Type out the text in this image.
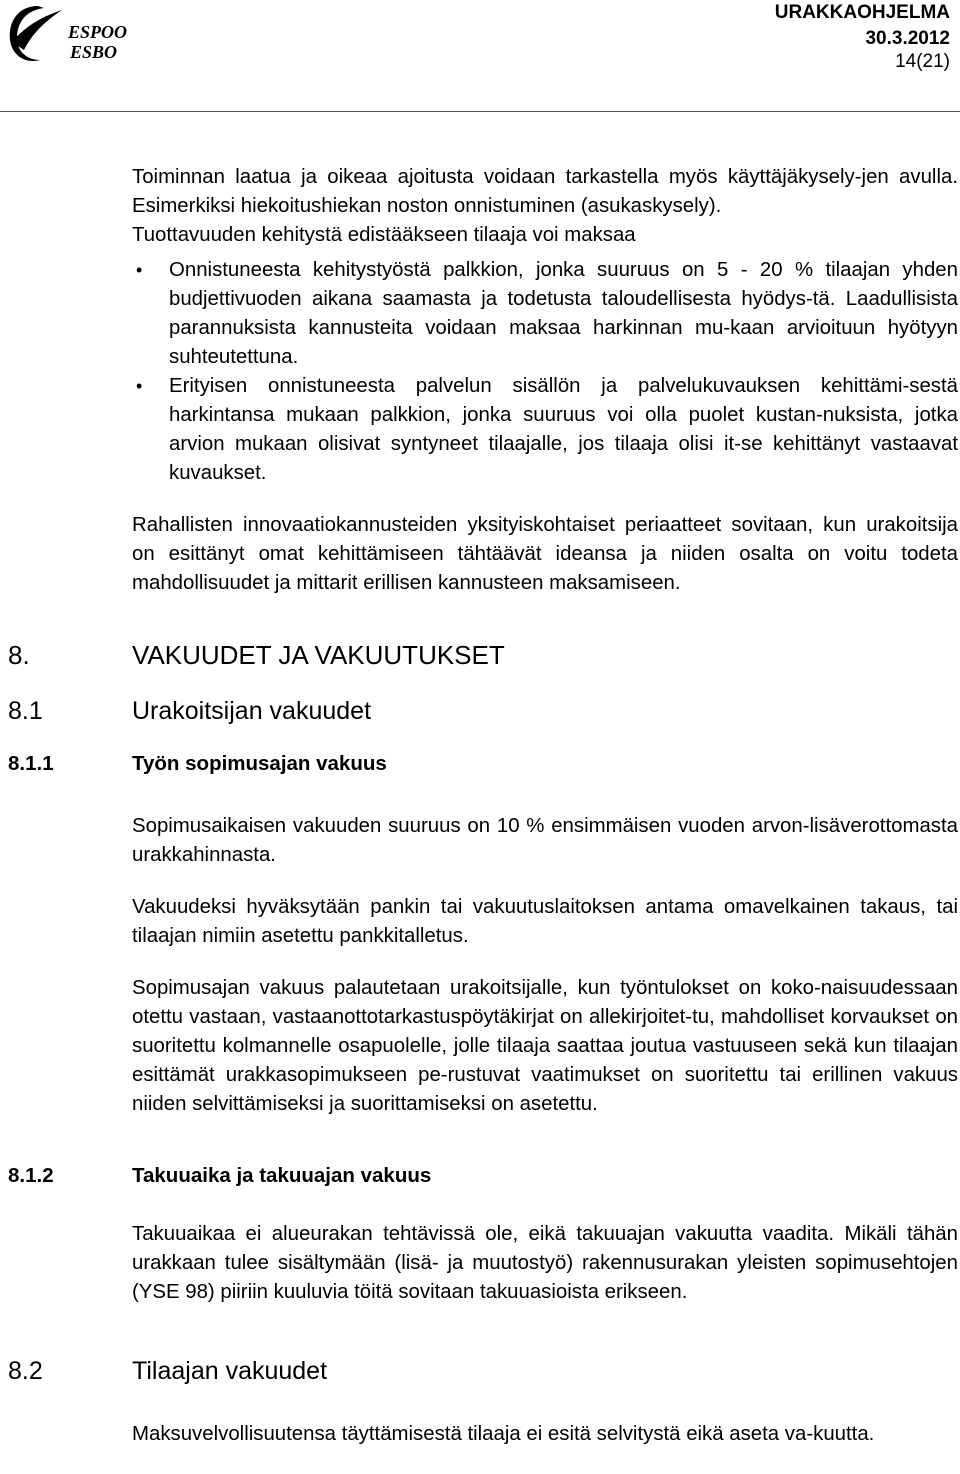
ESPOO
ESBO
URAKKAOHJELMA
30.3.2012
14(21)

Toiminnan laatua ja oikeaa ajoitusta voidaan tarkastella myös käyttäjäkysely-jen avulla. Esimerkiksi hiekoitushiekan noston onnistuminen (asukaskysely).

Tuottavuuden kehitystä edistääkseen tilaaja voi maksaa

• Onnistuneesta kehitystyöstä palkkion, jonka suuruus on 5 - 20 % tilaajan yhden budjettivuoden aikana saamasta ja todetusta taloudellisesta hyödys-tä. Laadullisista parannuksista kannusteita voidaan maksaa harkinnan mu-kaan arvioituun hyötyyn suhteutettuna.
• Erityisen onnistuneesta palvelun sisällön ja palvelukuvauksen kehittämi-sestä harkintansa mukaan palkkion, jonka suuruus voi olla puolet kustan-nuksista, jotka arvion mukaan olisivat syntyneet tilaajalle, jos tilaaja olisi it-se kehittänyt vastaavat kuvaukset.

Rahallisten innovaatiokannusteiden yksityiskohtaiset periaatteet sovitaan, kun urakoitsija on esittänyt omat kehittämiseen tähtäävät ideansa ja niiden osalta on voitu todeta mahdollisuudet ja mittarit erillisen kannusteen maksamiseen.

8.	VAKUUDET JA VAKUUTUKSET
8.1	Urakoitsijan vakuudet
8.1.1	Työn sopimusajan vakuus

Sopimusaikaisen vakuuden suuruus on 10 % ensimmäisen vuoden arvon-lisäverottomasta urakkahinnasta.

Vakuudeksi hyväksytään pankin tai vakuutuslaitoksen antama omavelkainen takaus, tai tilaajan nimiin asetettu pankkitalletus.

Sopimusajan vakuus palautetaan urakoitsijalle, kun työntulokset on koko-naisuudessaan otettu vastaan, vastaanottotarkastuspöytäkirjat on allekirjoitet-tu, mahdolliset korvaukset on suoritettu kolmannelle osapuolelle, jolle tilaaja saattaa joutua vastuuseen sekä kun tilaajan esittämät urakkasopimukseen pe-rustuvat vaatimukset on suoritettu tai erillinen vakuus niiden selvittämiseksi ja suorittamiseksi on asetettu.

8.1.2	Takuuaika ja takuuajan vakuus

Takuuaikaa ei alueurakan tehtävissä ole, eikä takuuajan vakuutta vaadita. Mikäli tähän urakkaan tulee sisältymään (lisä- ja muutostyö) rakennusurakan yleisten sopimusehtojen (YSE 98) piiriin kuuluvia töitä sovitaan takuuasioista erikseen.

8.2	Tilaajan vakuudet

Maksuvelvollisuutensa täyttämisestä tilaaja ei esitä selvitystä eikä aseta va-kuutta.
